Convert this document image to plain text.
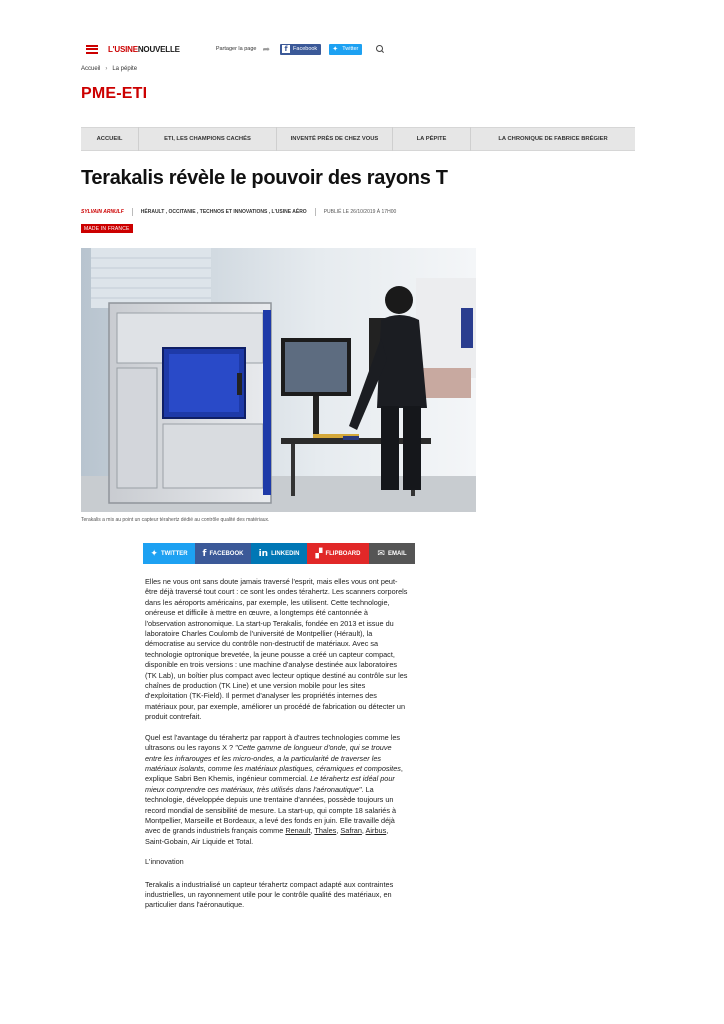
L'USINENOUVELLE	Partager la page ➦	f Facebook ✦ Twitter
Accueil › La pépite
PME-ETI
ACCUEIL	ETI, LES CHAMPIONS CACHÉS	INVENTÉ PRÈS DE CHEZ VOUS	LA PÉPITE	LA CHRONIQUE DE FABRICE BRÉGIER
Terakalis révèle le pouvoir des rayons T
SYLVAIN ARNULF	HÉRAULT , OCCITANIE , TECHNOS ET INNOVATIONS , L'USINE AÉRO	PUBLIÉ LE 26/10/2019 À 17H00
MADE IN FRANCE
Terakalis a mis au point un capteur térahertz dédié au contrôle qualité des matériaux.
✦ TWITTER f FACEBOOK in LINKEDIN ▞ FLIPBOARD ✉ EMAIL

Elles ne vous ont sans doute jamais traversé l'esprit, mais elles vous ont peut-être déjà traversé tout court : ce sont les ondes térahertz. Les scanners corporels dans les aéroports américains, par exemple, les utilisent. Cette technologie, onéreuse et difficile à mettre en œuvre, a longtemps été cantonnée à l'observation astronomique. La start-up Terakalis, fondée en 2013 et issue du laboratoire Charles Coulomb de l'université de Montpellier (Hérault), la démocratise au service du contrôle non-destructif de matériaux. Avec sa technologie optronique brevetée, la jeune pousse a créé un capteur compact, disponible en trois versions : une machine d'analyse destinée aux laboratoires (TK Lab), un boîtier plus compact avec lecteur optique destiné au contrôle sur les chaînes de production (TK Line) et une version mobile pour les sites d'exploitation (TK-Field). Il permet d'analyser les propriétés internes des matériaux pour, par exemple, améliorer un procédé de fabrication ou détecter un produit contrefait.

Quel est l'avantage du térahertz par rapport à d'autres technologies comme les ultrasons ou les rayons X ? "Cette gamme de longueur d'onde, qui se trouve entre les infrarouges et les micro-ondes, a la particularité de traverser les matériaux isolants, comme les matériaux plastiques, céramiques et composites, explique Sabri Ben Khemis, ingénieur commercial. Le térahertz est idéal pour mieux comprendre ces matériaux, très utilisés dans l'aéronautique". La technologie, développée depuis une trentaine d'années, possède toujours un record mondial de sensibilité de mesure. La start-up, qui compte 18 salariés à Montpellier, Marseille et Bordeaux, a levé des fonds en juin. Elle travaille déjà avec de grands industriels français comme Renault, Thales, Safran, Airbus, Saint-Gobain, Air Liquide et Total.

L'innovation

Terakalis a industrialisé un capteur térahertz compact adapté aux contraintes industrielles, un rayonnement utile pour le contrôle qualité des matériaux, en particulier dans l'aéronautique.
